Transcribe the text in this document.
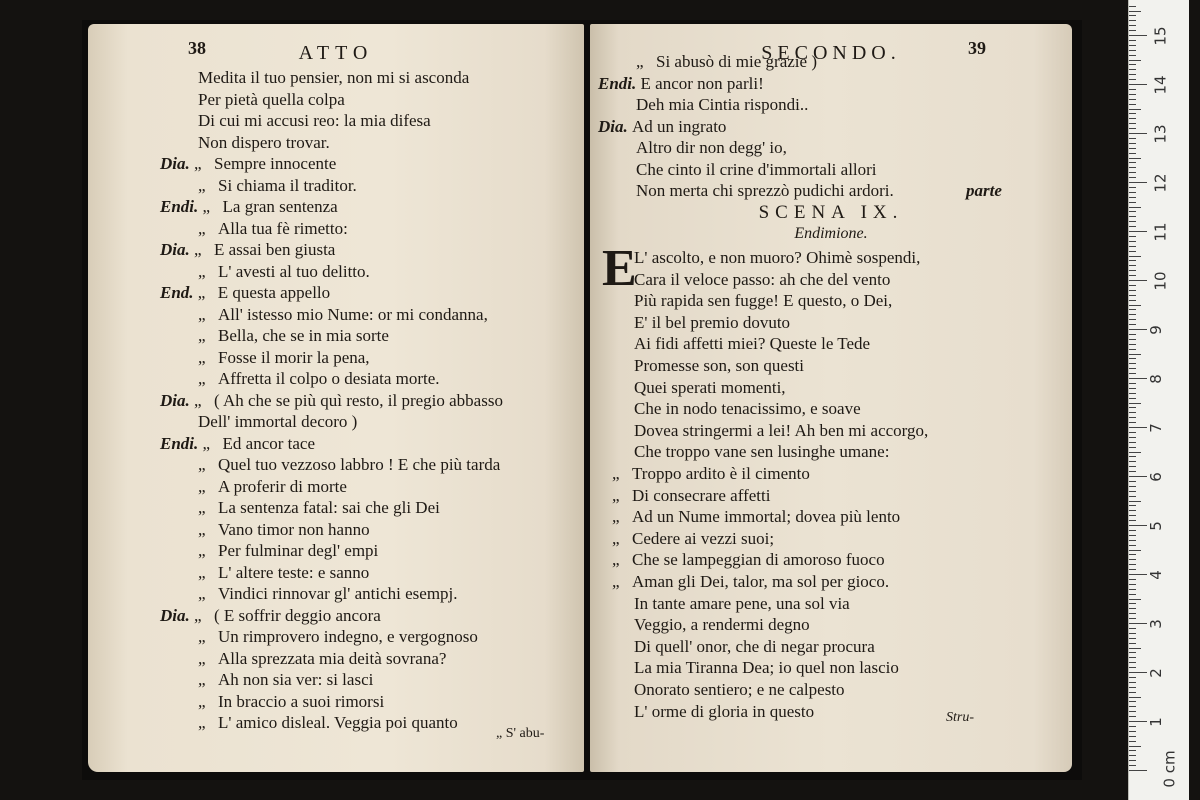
38	ATTO
Medita il tuo pensier, non mi si asconda
Per pietà quella colpa
Di cui mi accusi reo: la mia difesa
Non dispero trovar.
Dia. „ Sempre innocente
„ Si chiama il traditor.
Endi. „ La gran sentenza
„ Alla tua fè rimetto:
Dia. „ E assai ben giusta
„ L' avesti al tuo delitto.
End. „ E questa appello
„ All' istesso mio Nume: or mi condanna,
„ Bella, che se in mia sorte
„ Fosse il morir la pena,
„ Affretta il colpo o desiata morte.
Dia. „ ( Ah che se più quì resto, il pregio abbasso
Dell' immortal decoro )
Endi. „ Ed ancor tace
„ Quel tuo vezzoso labbro ! E che più tarda
„ A proferir di morte
„ La sentenza fatal: sai che gli Dei
„ Vano timor non hanno
„ Per fulminar degl' empi
„ L' altere teste: e sanno
„ Vindici rinnovar gl' antichi esempj.
Dia. „ ( E soffrir deggio ancora
„ Un rimprovero indegno, e vergognoso
„ Alla sprezzata mia deità sovrana?
„ Ah non sia ver: si lasci
„ In braccio a suoi rimorsi
„ L' amico disleal. Veggia poi quanto
„ S' abu-
SECONDO.	39
„ Si abusò di mie grazie )
Endi. E ancor non parli!
Deh mia Cintia rispondi..
Dia. Ad un ingrato
Altro dir non degg' io,
Che cinto il crine d'immortali allori
Non merta chi sprezzò pudichi ardori.	parte
SCENA IX.
Endimione.
E
L' ascolto, e non muoro? Ohimè sospendi,
Cara il veloce passo: ah che del vento
Più rapida sen fugge! E questo, o Dei,
E' il bel premio dovuto
Ai fidi affetti miei? Queste le Tede
Promesse son, son questi
Quei sperati momenti,
Che in nodo tenacissimo, e soave
Dovea stringermi a lei! Ah ben mi accorgo,
Che troppo vane sen lusinghe umane:
„ Troppo ardito è il cimento
„ Di consecrare affetti
„ Ad un Nume immortal; dovea più lento
„ Cedere ai vezzi suoi;
„ Che se lampeggian di amoroso fuoco
„ Aman gli Dei, talor, ma sol per gioco.
In tante amare pene, una sol via
Veggio, a rendermi degno
Di quell' onor, che di negar procura
La mia Tiranna Dea; io quel non lascio
Onorato sentiero; e ne calpesto
L' orme di gloria in questo	Stru-
0 cm
1
2
3
4
5
6
7
8
9
10
11
12
13
14
15
